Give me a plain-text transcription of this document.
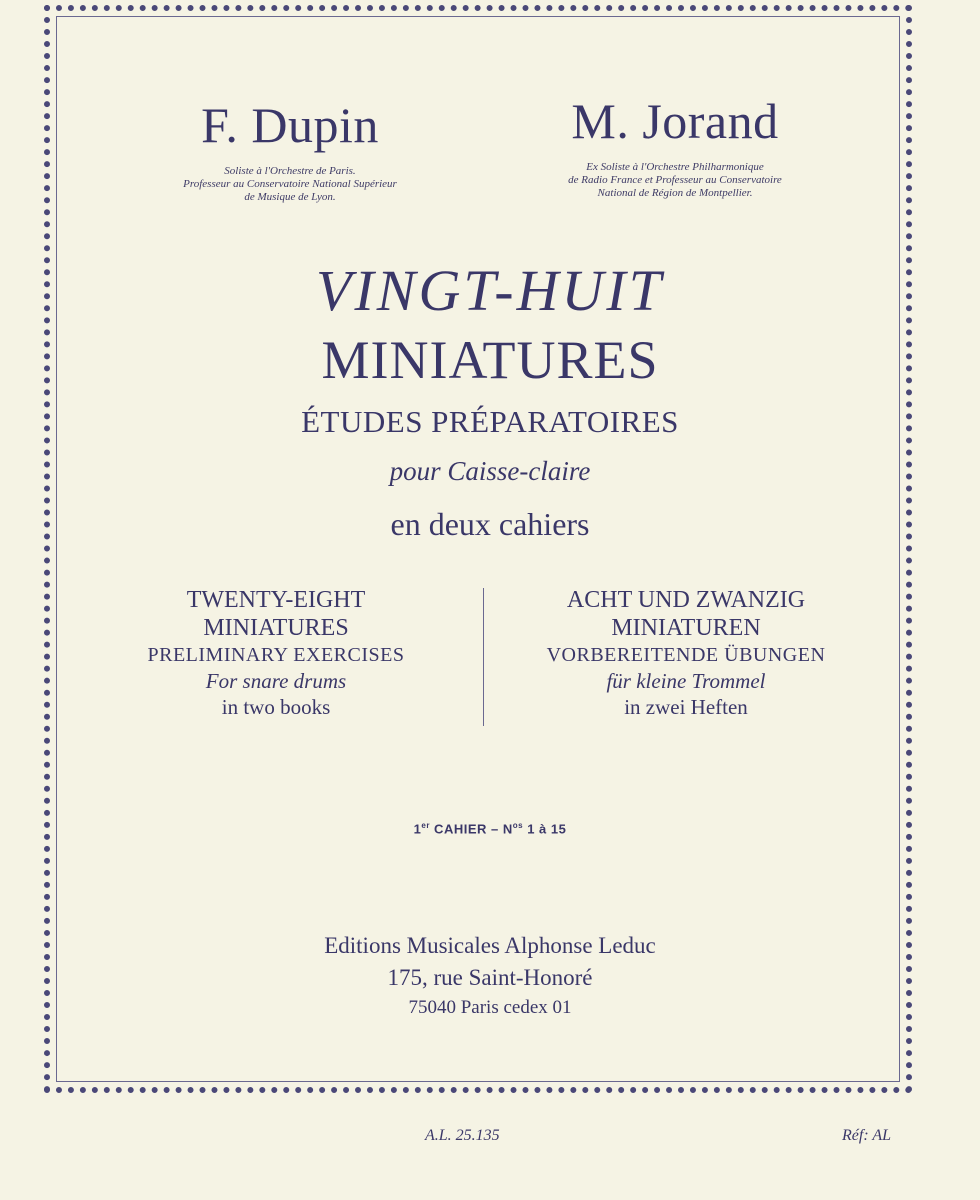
F. Dupin
Soliste à l'Orchestre de Paris.
Professeur au Conservatoire National Supérieur
de Musique de Lyon.
M. Jorand
Ex Soliste à l'Orchestre Philharmonique
de Radio France et Professeur au Conservatoire
National de Région de Montpellier.
VINGT-HUIT
MINIATURES
ÉTUDES PRÉPARATOIRES
pour Caisse-claire
en deux cahiers
TWENTY-EIGHT
MINIATURES
PRELIMINARY EXERCISES
For snare drums
in two books
ACHT UND ZWANZIG
MINIATUREN
VORBEREITENDE ÜBUNGEN
für kleine Trommel
in zwei Heften
1er CAHIER – $N^{os}$ 1 à 15
Editions Musicales Alphonse Leduc
175, rue Saint-Honoré
75040 Paris cedex 01
A.L. 25.135	Réf: AL
